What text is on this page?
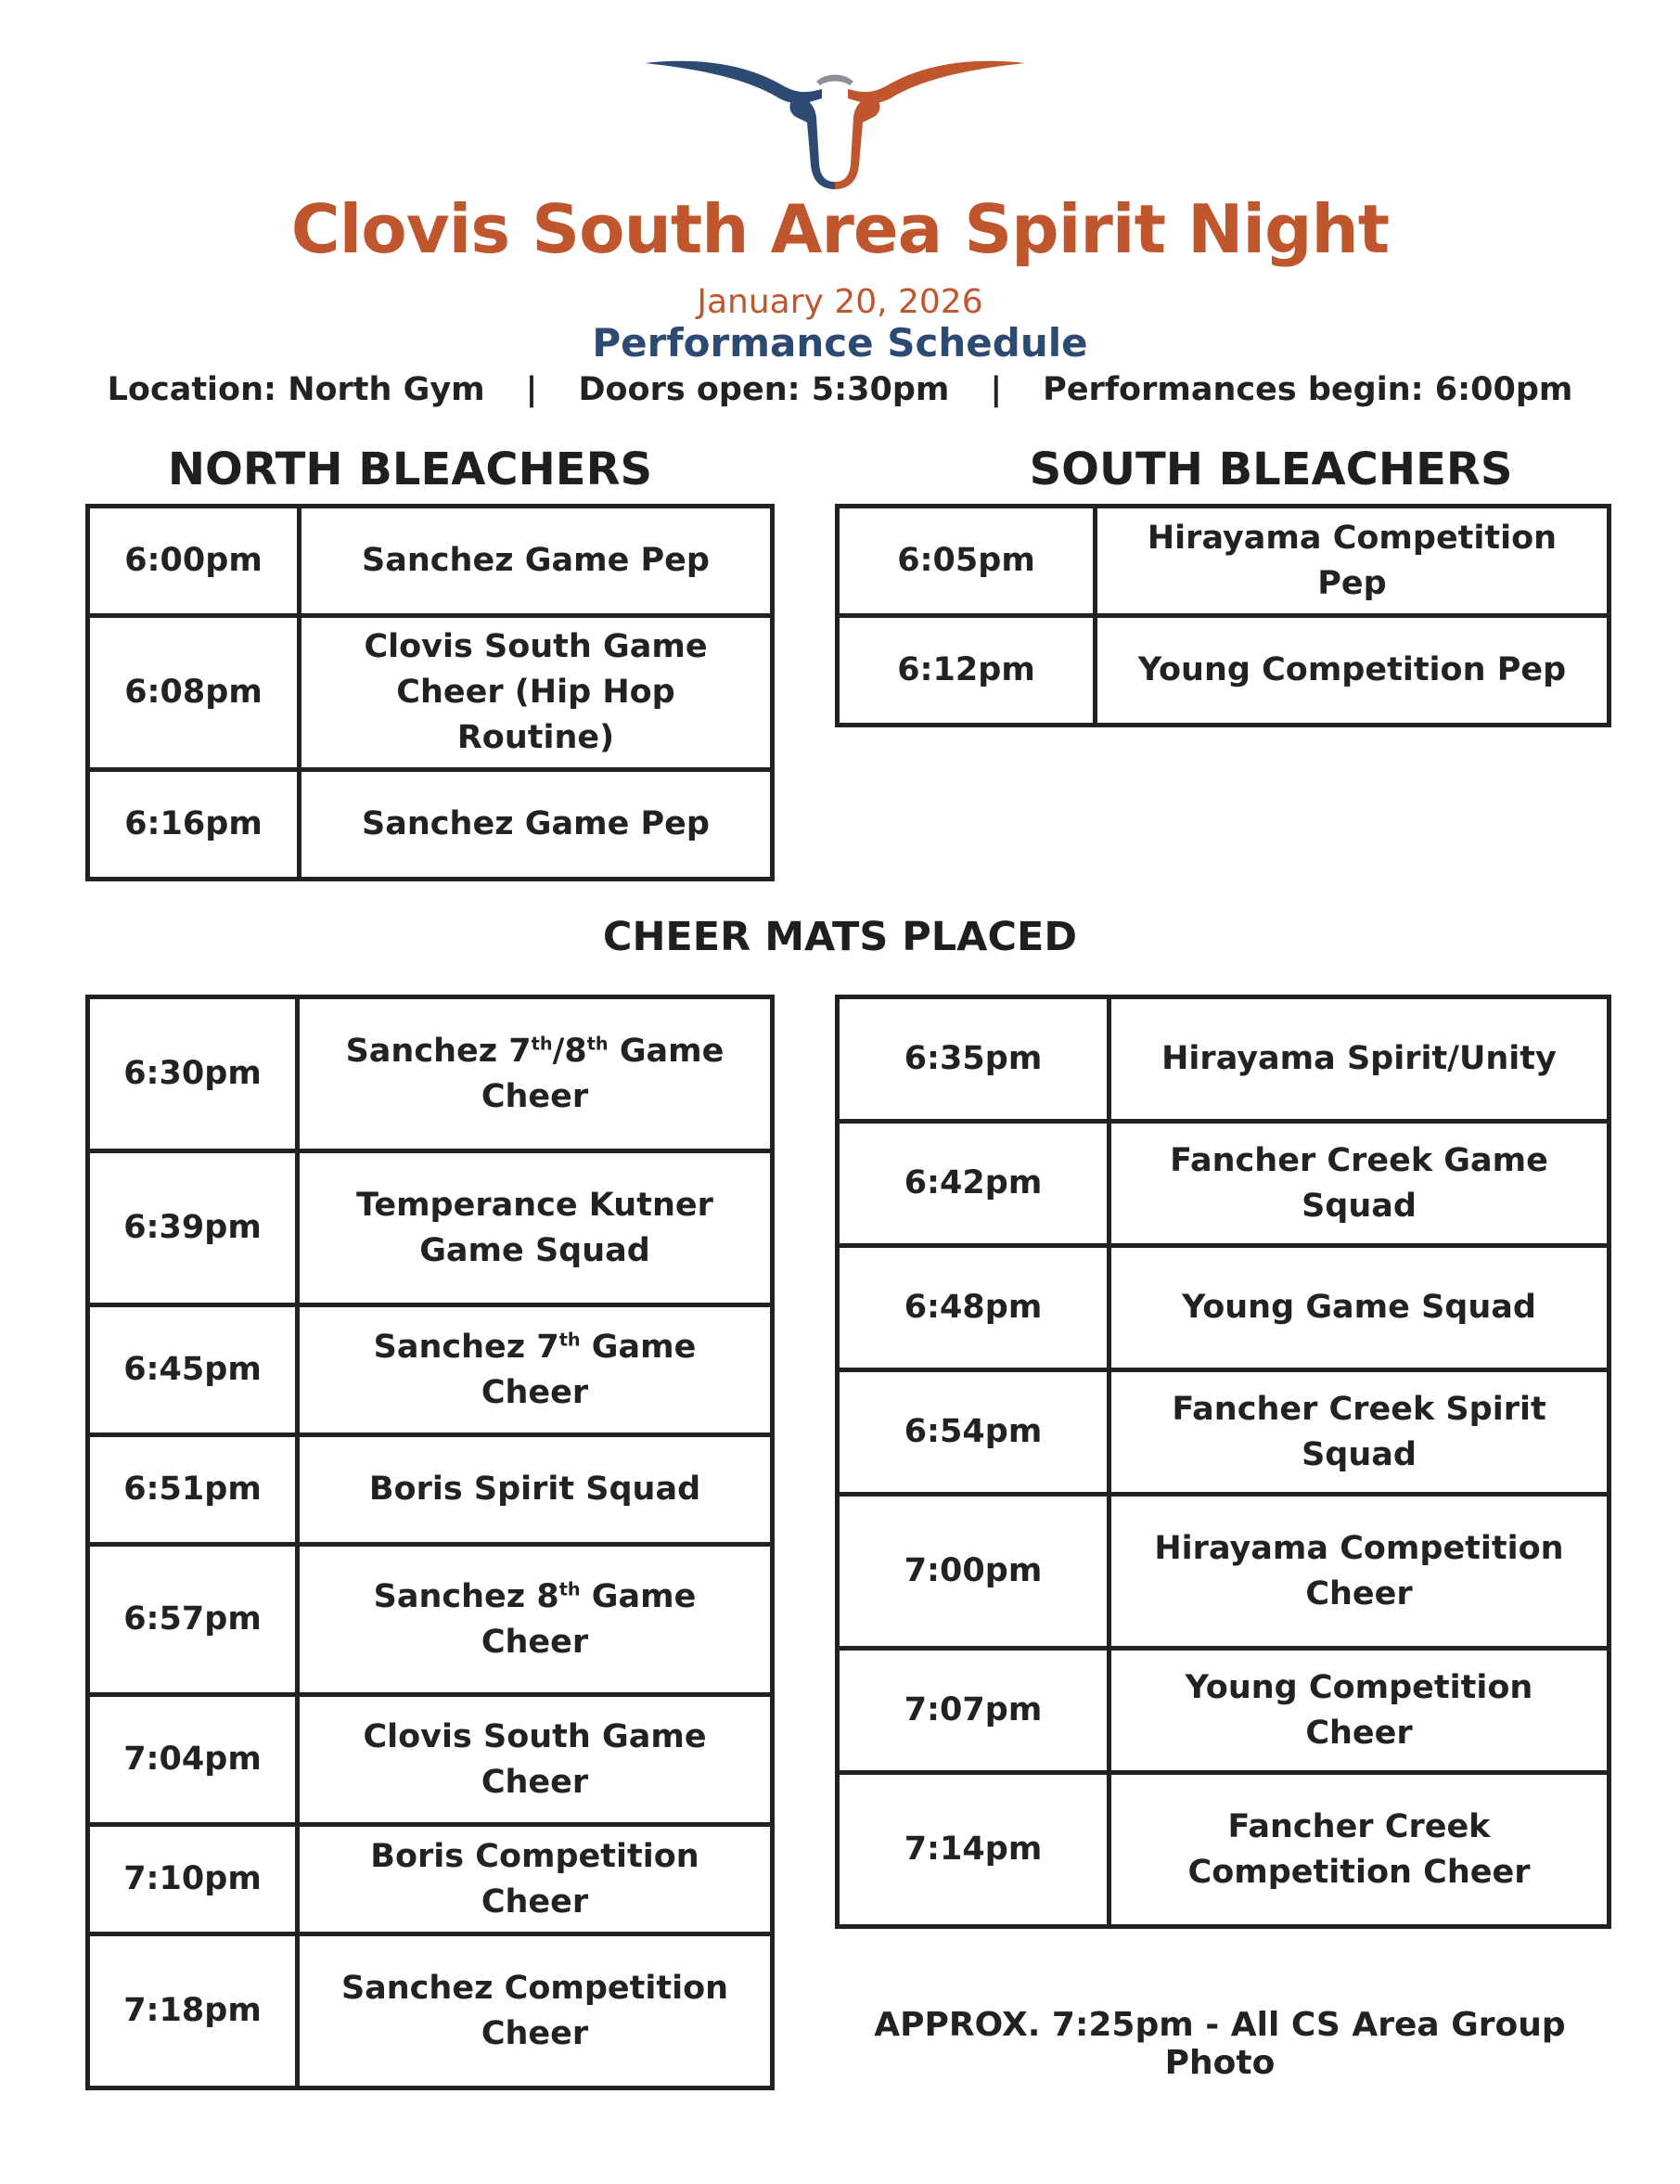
Clovis South Area Spirit Night
January 20, 2026
Performance Schedule
Location: North Gym | Doors open: 5:30pm | Performances begin: 6:00pm
NORTH BLEACHERS	SOUTH BLEACHERS
6:00pm	Sanchez Game Pep
6:08pm	Clovis South Game Cheer (Hip Hop Routine)
6:16pm	Sanchez Game Pep
6:05pm	Hirayama Competition Pep
6:12pm	Young Competition Pep
CHEER MATS PLACED
6:30pm	Sanchez 7th/8th Game Cheer
6:39pm	Temperance Kutner Game Squad
6:45pm	Sanchez 7th Game Cheer
6:51pm	Boris Spirit Squad
6:57pm	Sanchez 8th Game Cheer
7:04pm	Clovis South Game Cheer
7:10pm	Boris Competition Cheer
7:18pm	Sanchez Competition Cheer
6:35pm	Hirayama Spirit/Unity
6:42pm	Fancher Creek Game Squad
6:48pm	Young Game Squad
6:54pm	Fancher Creek Spirit Squad
7:00pm	Hirayama Competition Cheer
7:07pm	Young Competition Cheer
7:14pm	Fancher Creek Competition Cheer
APPROX. 7:25pm - All CS Area Group Photo
